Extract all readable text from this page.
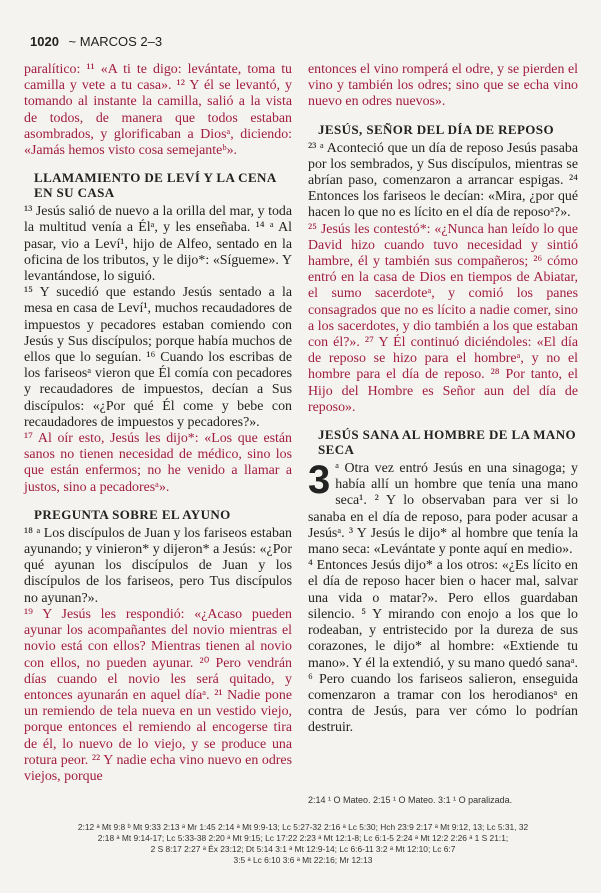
1020 ~ MARCOS 2–3

paralítico: ¹¹ «A ti te digo: levántate, toma tu camilla y vete a tu casa». ¹² Y él se levantó, y tomando al instante la camilla, salió a la vista de todos, de manera que todos estaban asombrados, y glorificaban a Diosᵃ, diciendo: «Jamás hemos visto cosa semejanteᵇ».

LLAMAMIENTO DE LEVÍ Y LA CENA EN SU CASA

¹³ Jesús salió de nuevo a la orilla del mar, y toda la multitud venía a Élᵃ, y les enseñaba. ¹⁴ ᵃ Al pasar, vio a Leví¹, hijo de Alfeo, sentado en la oficina de los tributos, y le dijo*: «Sígueme». Y levantándose, lo siguió.

¹⁵ Y sucedió que estando Jesús sentado a la mesa en casa de Leví¹, muchos recaudadores de impuestos y pecadores estaban comiendo con Jesús y Sus discípulos; porque había muchos de ellos que lo seguían. ¹⁶ Cuando los escribas de los fariseosᵃ vieron que Él comía con pecadores y recaudadores de impuestos, decían a Sus discípulos: «¿Por qué Él come y bebe con recaudadores de impuestos y pecadores?».

¹⁷ Al oír esto, Jesús les dijo*: «Los que están sanos no tienen necesidad de médico, sino los que están enfermos; no he venido a llamar a justos, sino a pecadoresᵃ».

PREGUNTA SOBRE EL AYUNO

¹⁸ ᵃ Los discípulos de Juan y los fariseos estaban ayunando; y vinieron* y dijeron* a Jesús: «¿Por qué ayunan los discípulos de Juan y los discípulos de los fariseos, pero Tus discípulos no ayunan?».

¹⁹ Y Jesús les respondió: «¿Acaso pueden ayunar los acompañantes del novio mientras el novio está con ellos? Mientras tienen al novio con ellos, no pueden ayunar. ²⁰ Pero vendrán días cuando el novio les será quitado, y entonces ayunarán en aquel díaᵃ. ²¹ Nadie pone un remiendo de tela nueva en un vestido viejo, porque entonces el remiendo al encogerse tira de él, lo nuevo de lo viejo, y se produce una rotura peor. ²² Y nadie echa vino nuevo en odres viejos, porque

entonces el vino romperá el odre, y se pierden el vino y también los odres; sino que se echa vino nuevo en odres nuevos».

JESÚS, SEÑOR DEL DÍA DE REPOSO

²³ ᵃ Aconteció que un día de reposo Jesús pasaba por los sembrados, y Sus discípulos, mientras se abrían paso, comenzaron a arrancar espigas. ²⁴ Entonces los fariseos le decían: «Mira, ¿por qué hacen lo que no es lícito en el día de reposoᵃ?».

²⁵ Jesús les contestó*: «¿Nunca han leído lo que David hizo cuando tuvo necesidad y sintió hambre, él y también sus compañeros; ²⁶ cómo entró en la casa de Dios en tiempos de Abiatar, el sumo sacerdoteᵃ, y comió los panes consagrados que no es lícito a nadie comer, sino a los sacerdotes, y dio también a los que estaban con él?». ²⁷ Y Él continuó diciéndoles: «El día de reposo se hizo para el hombreᵃ, y no el hombre para el día de reposo. ²⁸ Por tanto, el Hijo del Hombre es Señor aun del día de reposo».

JESÚS SANA AL HOMBRE DE LA MANO SECA

3 ᵃ Otra vez entró Jesús en una sinagoga; y había allí un hombre que tenía una mano seca¹. ² Y lo observaban para ver si lo sanaba en el día de reposo, para poder acusar a Jesúsᵃ. ³ Y Jesús le dijo* al hombre que tenía la mano seca: «Levántate y ponte aquí en medio».

⁴ Entonces Jesús dijo* a los otros: «¿Es lícito en el día de reposo hacer bien o hacer mal, salvar una vida o matar?». Pero ellos guardaban silencio. ⁵ Y mirando con enojo a los que lo rodeaban, y entristecido por la dureza de sus corazones, le dijo* al hombre: «Extiende tu mano». Y él la extendió, y su mano quedó sanaᵃ. ⁶ Pero cuando los fariseos salieron, enseguida comenzaron a tramar con los herodianosᵃ en contra de Jesús, para ver cómo lo podrían destruir.

2:14 ¹ O Mateo. 2:15 ¹ O Mateo. 3:1 ¹ O paralizada.
2:12 ᵃ Mt 9:8 ᵇ Mt 9:33 2:13 ᵃ Mr 1:45 2:14 ᵃ Mt 9:9-13; Lc 5:27-32 2:16 ᵃ Lc 5:30; Hch 23:9 2:17 ᵃ Mt 9:12, 13; Lc 5:31, 32
2:18 ᵃ Mt 9:14-17; Lc 5:33-38 2:20 ᵃ Mt 9:15; Lc 17:22 2:23 ᵃ Mt 12:1-8; Lc 6:1-5 2:24 ᵃ Mt 12:2 2:26 ᵃ 1 S 21:1;
2 S 8:17 2:27 ᵃ Éx 23:12; Dt 5:14 3:1 ᵃ Mt 12:9-14; Lc 6:6-11 3:2 ᵃ Mt 12:10; Lc 6:7
3:5 ᵃ Lc 6:10 3:6 ᵃ Mt 22:16; Mr 12:13
